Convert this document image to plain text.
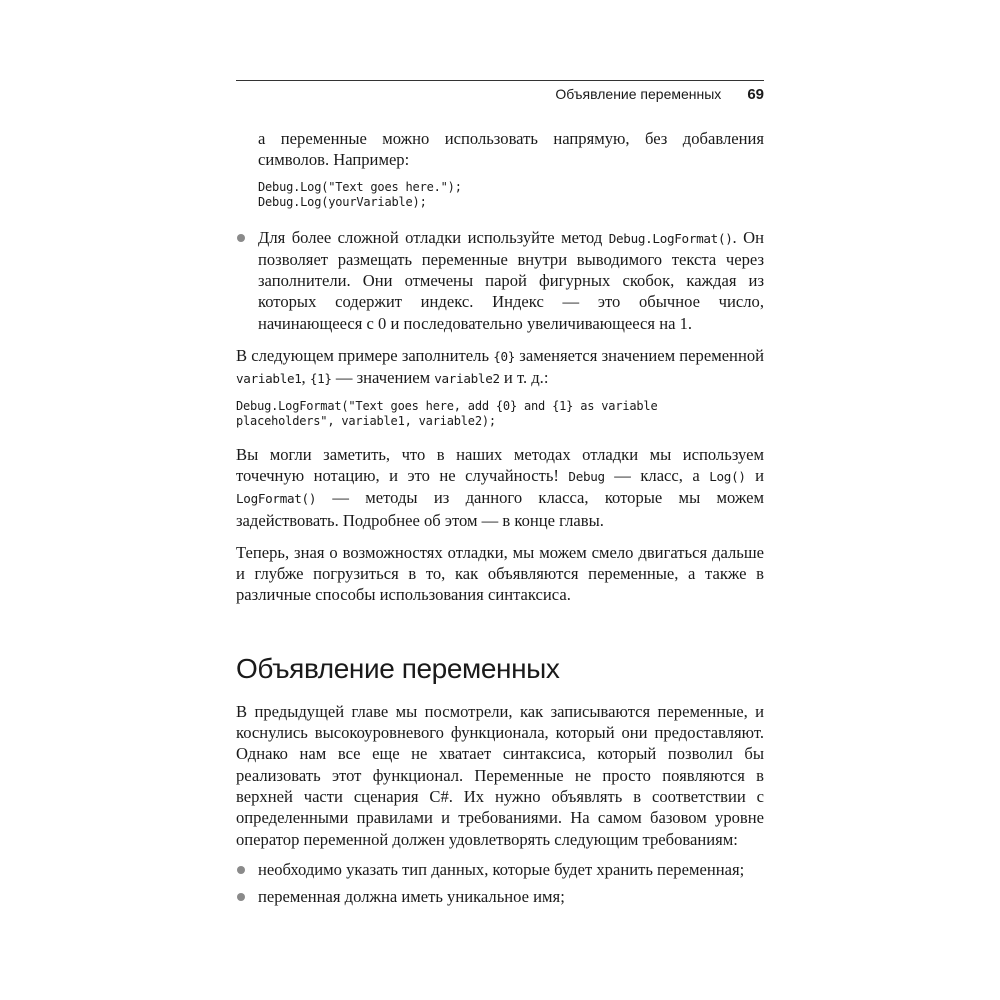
Объявление переменных 69

а переменные можно использовать напрямую, без добавления символов. Например:

Debug.Log("Text goes here.");
Debug.Log(yourVariable);

Для более сложной отладки используйте метод Debug.LogFormat(). Он позволяет размещать переменные внутри выводимого текста через заполнители. Они отмечены парой фигурных скобок, каждая из которых содержит индекс. Индекс — это обычное число, начинающееся с 0 и последовательно увеличивающееся на 1.

В следующем примере заполнитель {0} заменяется значением переменной variable1, {1} — значением variable2 и т. д.:

Debug.LogFormat("Text goes here, add {0} and {1} as variable
placeholders", variable1, variable2);

Вы могли заметить, что в наших методах отладки мы используем точечную нотацию, и это не случайность! Debug — класс, а Log() и LogFormat() — методы из данного класса, которые мы можем задействовать. Подробнее об этом — в конце главы.

Теперь, зная о возможностях отладки, мы можем смело двигаться дальше и глубже погрузиться в то, как объявляются переменные, а также в различные способы использования синтаксиса.

Объявление переменных

В предыдущей главе мы посмотрели, как записываются переменные, и коснулись высокоуровневого функционала, который они предоставляют. Однако нам все еще не хватает синтаксиса, который позволил бы реализовать этот функционал. Переменные не просто появляются в верхней части сценария C#. Их нужно объявлять в соответствии с определенными правилами и требованиями. На самом базовом уровне оператор переменной должен удовлетворять следующим требованиям:

необходимо указать тип данных, которые будет хранить переменная;

переменная должна иметь уникальное имя;
